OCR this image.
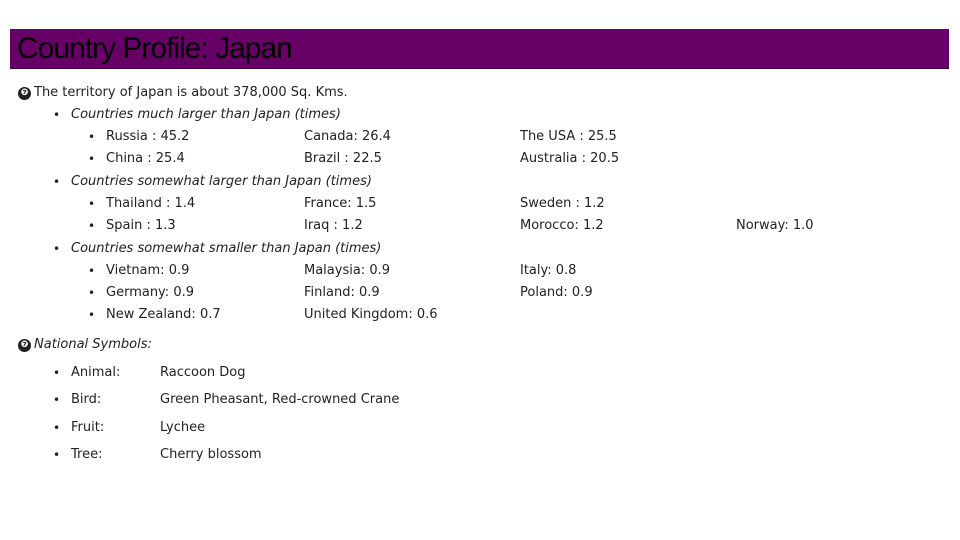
Country Profile: Japan
❼ The territory of Japan is about 378,000 Sq. Kms.
• Countries much larger than Japan (times)
• Russia : 45.2	Canada: 26.4	The USA : 25.5
• China : 25.4	Brazil : 22.5	Australia : 20.5
• Countries somewhat larger than Japan (times)
• Thailand : 1.4	France: 1.5	Sweden : 1.2
• Spain : 1.3	Iraq : 1.2	Morocco: 1.2	Norway: 1.0
• Countries somewhat smaller than Japan (times)
• Vietnam: 0.9	Malaysia: 0.9	Italy: 0.8
• Germany: 0.9	Finland: 0.9	Poland: 0.9
• New Zealand: 0.7	United Kingdom: 0.6
❼ National Symbols:
• Animal:	Raccoon Dog
• Bird:	Green Pheasant, Red-crowned Crane
• Fruit:	Lychee
• Tree:	Cherry blossom
